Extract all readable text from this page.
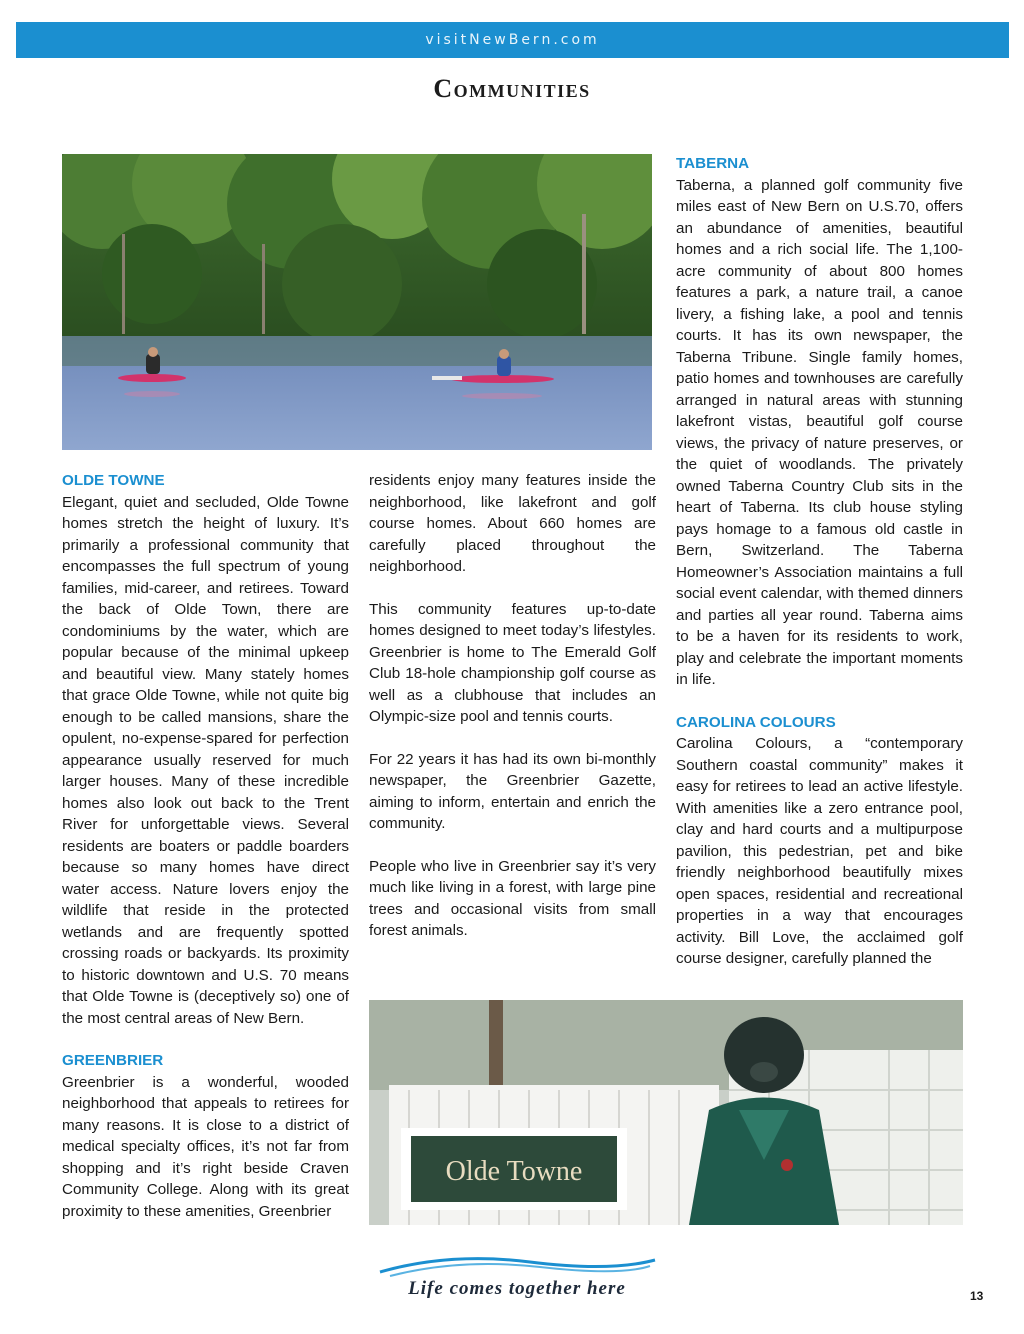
visitNewBern.com
Communities
OLDE TOWNE

Elegant, quiet and secluded, Olde Towne homes stretch the height of luxury. It’s primarily a professional community that encompasses the full spectrum of young families, mid-career, and retirees. Toward the back of Olde Town, there are condominiums by the water, which are popular because of the minimal upkeep and beautiful view. Many stately homes that grace Olde Towne, while not quite big enough to be called mansions, share the opulent, no-expense-spared for perfection appearance usually reserved for much larger houses. Many of these incredible homes also look out back to the Trent River for unforgettable views. Several residents are boaters or paddle boarders because so many homes have direct water access. Nature lovers enjoy the wildlife that reside in the protected wetlands and are frequently spotted crossing roads or backyards. Its proximity to historic downtown and U.S. 70 means that Olde Towne is (deceptively so) one of the most central areas of New Bern.

GREENBRIER

Greenbrier is a wonderful, wooded neighborhood that appeals to retirees for many reasons. It is close to a district of medical specialty offices, it’s not far from shopping and it’s right beside Craven Community College. Along with its great proximity to these amenities, Greenbrier

residents enjoy many features inside the neighborhood, like lakefront and golf course homes. About 660 homes are carefully placed throughout the neighborhood.

This community features up-to-date homes designed to meet today’s lifestyles. Greenbrier is home to The Emerald Golf Club 18-hole championship golf course as well as a clubhouse that includes an Olympic-size pool and tennis courts.

For 22 years it has had its own bi-monthly newspaper, the Greenbrier Gazette, aiming to inform, entertain and enrich the community.

People who live in Greenbrier say it’s very much like living in a forest, with large pine trees and occasional visits from small forest animals.

TABERNA

Taberna, a planned golf community five miles east of New Bern on U.S.70, offers an abundance of amenities, beautiful homes and a rich social life. The 1,100-acre community of about 800 homes features a park, a nature trail, a canoe livery, a fishing lake, a pool and tennis courts. It has its own newspaper, the Taberna Tribune. Single family homes, patio homes and townhouses are carefully arranged in natural areas with stunning lakefront vistas, beautiful golf course views, the privacy of nature preserves, or the quiet of woodlands. The privately owned Taberna Country Club sits in the heart of Taberna. Its club house styling pays homage to a famous old castle in Bern, Switzerland. The Taberna Homeowner’s Association maintains a full social event calendar, with themed dinners and parties all year round. Taberna aims to be a haven for its residents to work, play and celebrate the important moments in life.

CAROLINA COLOURS

Carolina Colours, a “contemporary Southern coastal community” makes it easy for retirees to lead an active lifestyle. With amenities like a zero entrance pool, clay and hard courts and a multipurpose pavilion, this pedestrian, pet and bike friendly neighborhood beautifully mixes open spaces, residential and recreational properties in a way that encourages activity. Bill Love, the acclaimed golf course designer, carefully planned the

Olde Towne
Life comes together here	13
